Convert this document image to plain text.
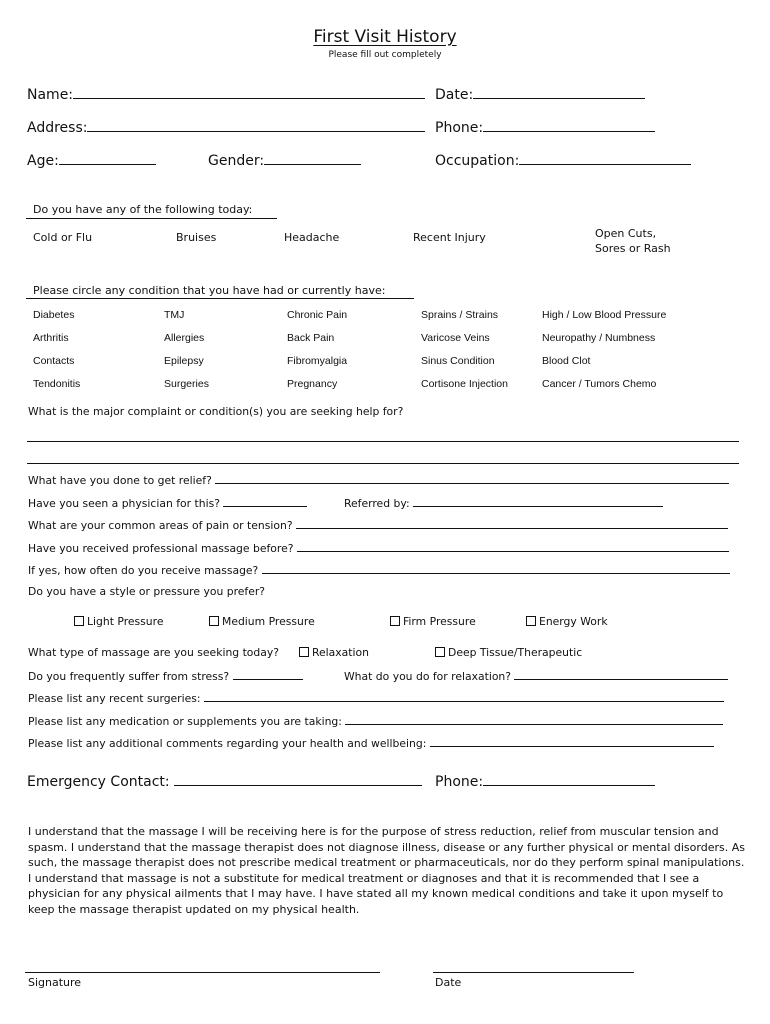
First Visit History
Please fill out completely
Name:	Date:
Address:	Phone:
Age:	Gender:	Occupation:
Do you have any of the following today:
Cold or Flu	Bruises	Headache	Recent Injury	Open Cuts,
Sores or Rash
Please circle any condition that you have had or currently have:
Diabetes	TMJ	Chronic Pain	Sprains / Strains	High / Low Blood Pressure
Arthritis	Allergies	Back Pain	Varicose Veins	Neuropathy / Numbness
Contacts	Epilepsy	Fibromyalgia	Sinus Condition	Blood Clot
Tendonitis	Surgeries	Pregnancy	Cortisone Injection	Cancer / Tumors Chemo
What is the major complaint or condition(s) you are seeking help for?
What have you done to get relief?
Have you seen a physician for this?	Referred by:
What are your common areas of pain or tension?
Have you received professional massage before?
If yes, how often do you receive massage?
Do you have a style or pressure you prefer?
Light Pressure	Medium Pressure	Firm Pressure	Energy Work
What type of massage are you seeking today?	Relaxation	Deep Tissue/Therapeutic
Do you frequently suffer from stress?	What do you do for relaxation?
Please list any recent surgeries:
Please list any medication or supplements you are taking:
Please list any additional comments regarding your health and wellbeing:
Emergency Contact:	Phone:
I understand that the massage I will be receiving here is for the purpose of stress reduction, relief from muscular tension and spasm. I understand that the massage therapist does not diagnose illness, disease or any further physical or mental disorders. As such, the massage therapist does not prescribe medical treatment or pharmaceuticals, nor do they perform spinal manipulations. I understand that massage is not a substitute for medical treatment or diagnoses and that it is recommended that I see a physician for any physical ailments that I may have. I have stated all my known medical conditions and take it upon myself to keep the massage therapist updated on my physical health.
Signature	Date
